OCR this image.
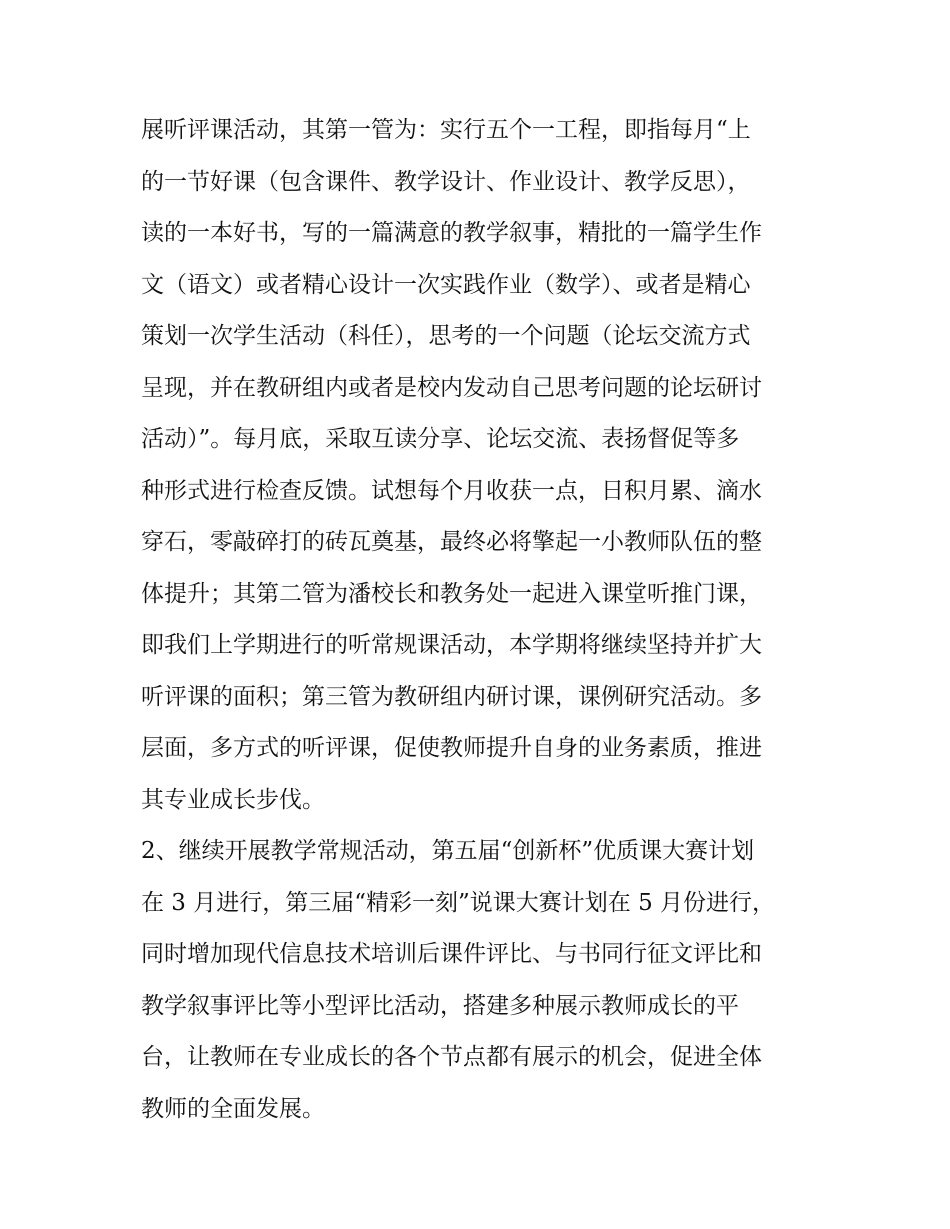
展听评课活动，其第一管为：实行五个一工程，即指每月“上
的一节好课（包含课件、教学设计、作业设计、教学反思），
读的一本好书，写的一篇满意的教学叙事，精批的一篇学生作
文（语文）或者精心设计一次实践作业（数学）、或者是精心
策划一次学生活动（科任），思考的一个问题（论坛交流方式
呈现，并在教研组内或者是校内发动自己思考问题的论坛研讨
活动）”。每月底，采取互读分享、论坛交流、表扬督促等多
种形式进行检查反馈。试想每个月收获一点，日积月累、滴水
穿石，零敲碎打的砖瓦奠基，最终必将擎起一小教师队伍的整
体提升；其第二管为潘校长和教务处一起进入课堂听推门课，
即我们上学期进行的听常规课活动，本学期将继续坚持并扩大
听评课的面积；第三管为教研组内研讨课，课例研究活动。多
层面，多方式的听评课，促使教师提升自身的业务素质，推进
其专业成长步伐。
2、继续开展教学常规活动，第五届“创新杯”优质课大赛计划
在 3 月进行，第三届“精彩一刻”说课大赛计划在 5 月份进行，
同时增加现代信息技术培训后课件评比、与书同行征文评比和
教学叙事评比等小型评比活动，搭建多种展示教师成长的平
台，让教师在专业成长的各个节点都有展示的机会，促进全体
教师的全面发展。
